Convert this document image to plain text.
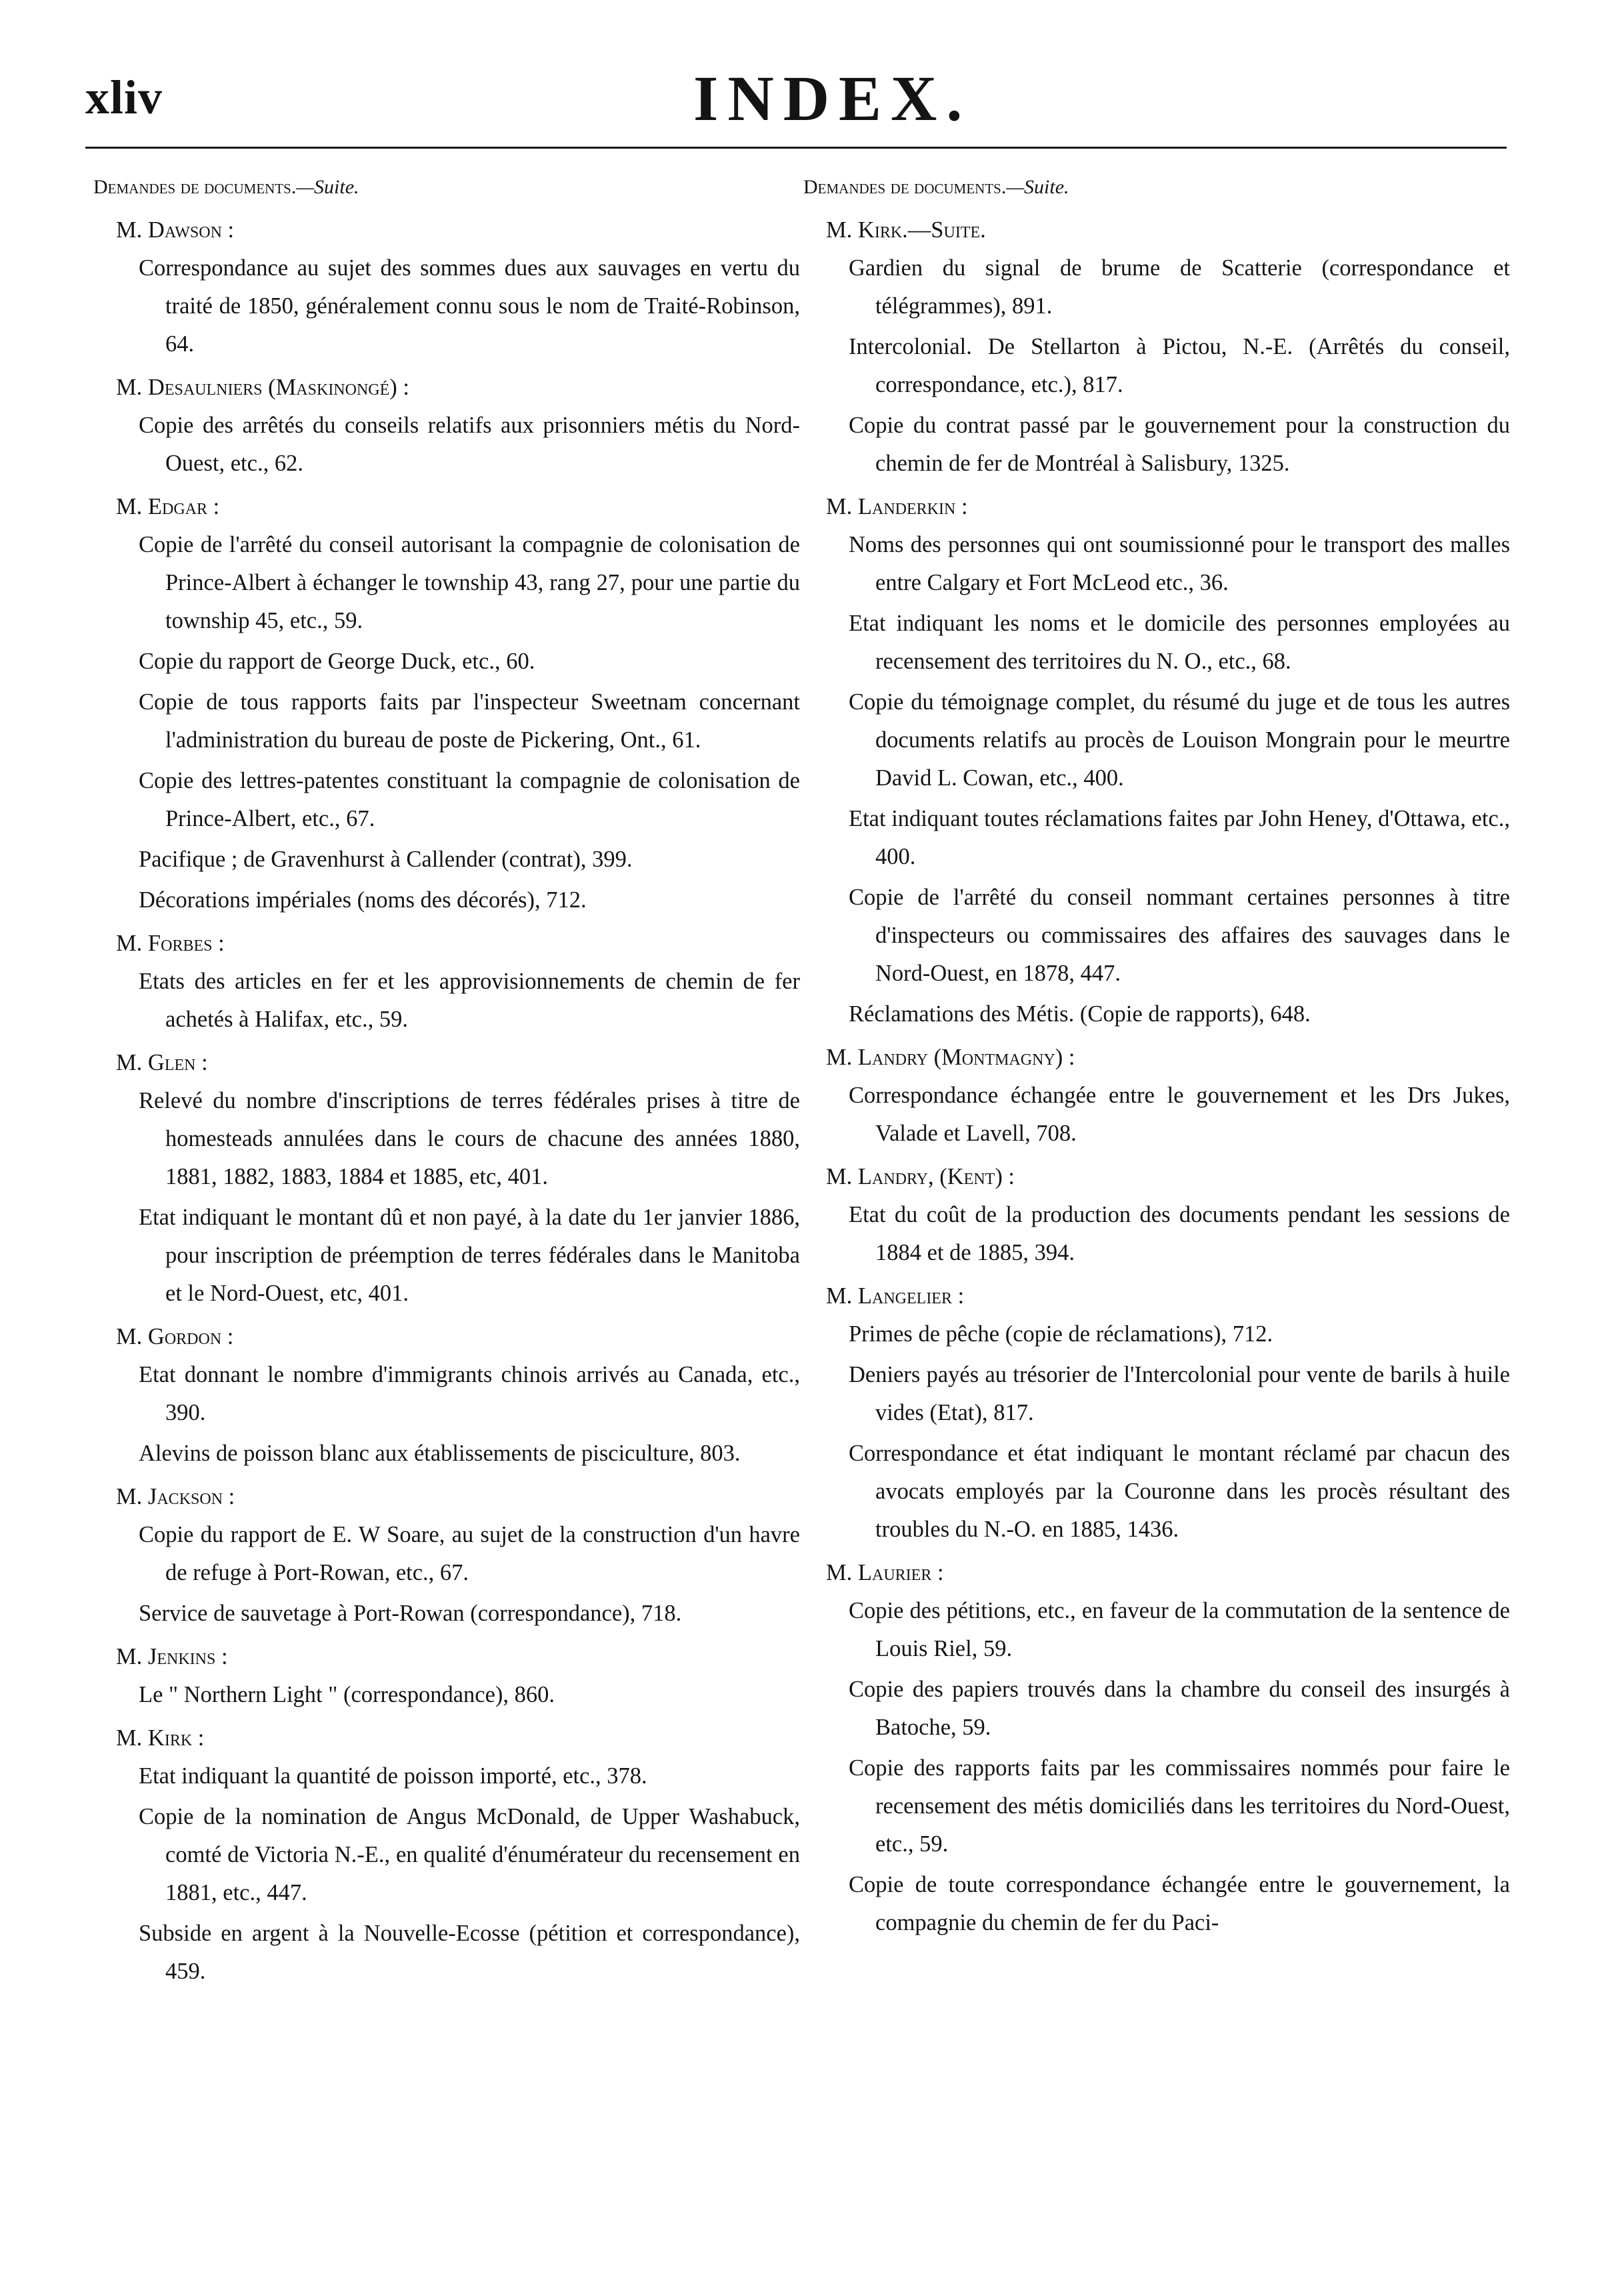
xliv	INDEX.
Demandes de documents.—Suite.
M. Dawson :

Correspondance au sujet des sommes dues aux sauvages en vertu du traité de 1850, généralement connu sous le nom de Traité-Robinson, 64.

M. Desaulniers (Maskinongé) :

Copie des arrêtés du conseils relatifs aux prisonniers métis du Nord-Ouest, etc., 62.

M. Edgar :

Copie de l'arrêté du conseil autorisant la compagnie de colonisation de Prince-Albert à échanger le township 43, rang 27, pour une partie du township 45, etc., 59.

Copie du rapport de George Duck, etc., 60.

Copie de tous rapports faits par l'inspecteur Sweetnam concernant l'administration du bureau de poste de Pickering, Ont., 61.

Copie des lettres-patentes constituant la compagnie de colonisation de Prince-Albert, etc., 67.

Pacifique ; de Gravenhurst à Callender (contrat), 399.

Décorations impériales (noms des décorés), 712.

M. Forbes :

Etats des articles en fer et les approvisionnements de chemin de fer achetés à Halifax, etc., 59.

M. Glen :

Relevé du nombre d'inscriptions de terres fédérales prises à titre de homesteads annulées dans le cours de chacune des années 1880, 1881, 1882, 1883, 1884 et 1885, etc, 401.

Etat indiquant le montant dû et non payé, à la date du 1er janvier 1886, pour inscription de préemption de terres fédérales dans le Manitoba et le Nord-Ouest, etc, 401.

M. Gordon :

Etat donnant le nombre d'immigrants chinois arrivés au Canada, etc., 390.

Alevins de poisson blanc aux établissements de pisciculture, 803.

M. Jackson :

Copie du rapport de E. W Soare, au sujet de la construction d'un havre de refuge à Port-Rowan, etc., 67.

Service de sauvetage à Port-Rowan (correspondance), 718.

M. Jenkins :

Le " Northern Light " (correspondance), 860.

M. Kirk :

Etat indiquant la quantité de poisson importé, etc., 378.

Copie de la nomination de Angus McDonald, de Upper Washabuck, comté de Victoria N.-E., en qualité d'énumérateur du recensement en 1881, etc., 447.

Subside en argent à la Nouvelle-Ecosse (pétition et correspondance), 459.

Demandes de documents.—Suite.
M. Kirk.—Suite.

Gardien du signal de brume de Scatterie (correspondance et télégrammes), 891.

Intercolonial. De Stellarton à Pictou, N.-E. (Arrêtés du conseil, correspondance, etc.), 817.

Copie du contrat passé par le gouvernement pour la construction du chemin de fer de Montréal à Salisbury, 1325.

M. Landerkin :

Noms des personnes qui ont soumissionné pour le transport des malles entre Calgary et Fort McLeod etc., 36.

Etat indiquant les noms et le domicile des personnes employées au recensement des territoires du N. O., etc., 68.

Copie du témoignage complet, du résumé du juge et de tous les autres documents relatifs au procès de Louison Mongrain pour le meurtre David L. Cowan, etc., 400.

Etat indiquant toutes réclamations faites par John Heney, d'Ottawa, etc., 400.

Copie de l'arrêté du conseil nommant certaines personnes à titre d'inspecteurs ou commissaires des affaires des sauvages dans le Nord-Ouest, en 1878, 447.

Réclamations des Métis. (Copie de rapports), 648.

M. Landry (Montmagny) :

Correspondance échangée entre le gouvernement et les Drs Jukes, Valade et Lavell, 708.

M. Landry, (Kent) :

Etat du coût de la production des documents pendant les sessions de 1884 et de 1885, 394.

M. Langelier :

Primes de pêche (copie de réclamations), 712.

Deniers payés au trésorier de l'Intercolonial pour vente de barils à huile vides (Etat), 817.

Correspondance et état indiquant le montant réclamé par chacun des avocats employés par la Couronne dans les procès résultant des troubles du N.-O. en 1885, 1436.

M. Laurier :

Copie des pétitions, etc., en faveur de la commutation de la sentence de Louis Riel, 59.

Copie des papiers trouvés dans la chambre du conseil des insurgés à Batoche, 59.

Copie des rapports faits par les commissaires nommés pour faire le recensement des métis domiciliés dans les territoires du Nord-Ouest, etc., 59.

Copie de toute correspondance échangée entre le gouvernement, la compagnie du chemin de fer du Paci-
